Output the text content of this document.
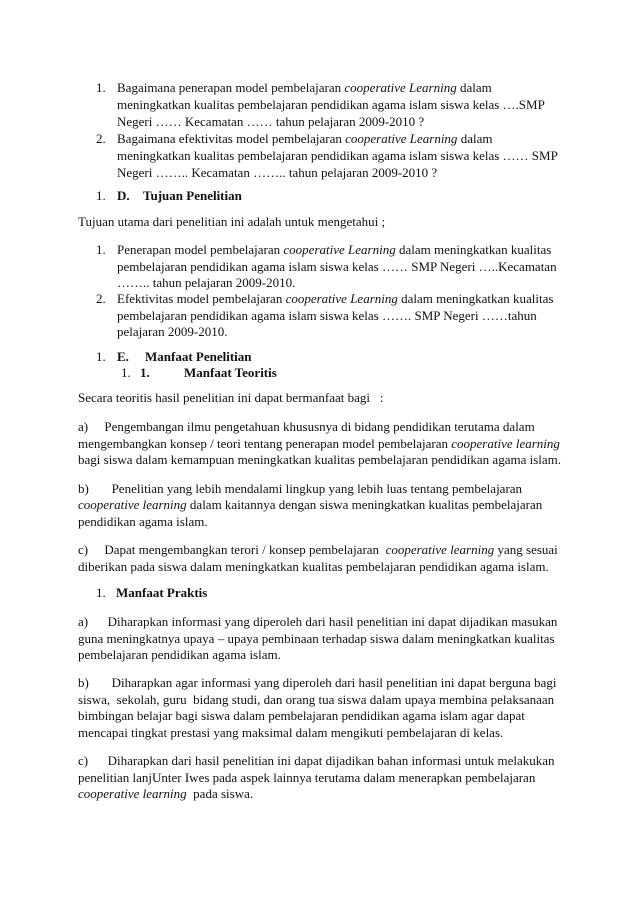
1. Bagaimana penerapan model pembelajaran cooperative Learning dalam
meningkatkan kualitas pembelajaran pendidikan agama islam siswa kelas ….SMP
Negeri …… Kecamatan …… tahun pelajaran 2009-2010 ?
2. Bagaimana efektivitas model pembelajaran cooperative Learning dalam
meningkatkan kualitas pembelajaran pendidikan agama islam siswa kelas …… SMP
Negeri …….. Kecamatan …….. tahun pelajaran 2009-2010 ?
1. D. Tujuan Penelitian
Tujuan utama dari penelitian ini adalah untuk mengetahui ;
1. Penerapan model pembelajaran cooperative Learning dalam meningkatkan kualitas
pembelajaran pendidikan agama islam siswa kelas …… SMP Negeri …..Kecamatan
…….. tahun pelajaran 2009-2010.
2. Efektivitas model pembelajaran cooperative Learning dalam meningkatkan kualitas
pembelajaran pendidikan agama islam siswa kelas ……. SMP Negeri ……tahun
pelajaran 2009-2010.
1. E. Manfaat Penelitian
1. 1.	Manfaat Teoritis
Secara teoritis hasil penelitian ini dapat bermanfaat bagi   :
a)     Pengembangan ilmu pengetahuan khususnya di bidang pendidikan terutama dalam
mengembangkan konsep / teori tentang penerapan model pembelajaran cooperative learning
bagi siswa dalam kemampuan meningkatkan kualitas pembelajaran pendidikan agama islam.
b)       Penelitian yang lebih mendalami lingkup yang lebih luas tentang pembelajaran
cooperative learning dalam kaitannya dengan siswa meningkatkan kualitas pembelajaran
pendidikan agama islam.
c)     Dapat mengembangkan terori / konsep pembelajaran  cooperative learning yang sesuai
diberikan pada siswa dalam meningkatkan kualitas pembelajaran pendidikan agama islam.
1. Manfaat Praktis
a)      Diharapkan informasi yang diperoleh dari hasil penelitian ini dapat dijadikan masukan
guna meningkatnya upaya – upaya pembinaan terhadap siswa dalam meningkatkan kualitas
pembelajaran pendidikan agama islam.
b)       Diharapkan agar informasi yang diperoleh dari hasil penelitian ini dapat berguna bagi
siswa,  sekolah, guru  bidang studi, dan orang tua siswa dalam upaya membina pelaksanaan
bimbingan belajar bagi siswa dalam pembelajaran pendidikan agama islam agar dapat
mencapai tingkat prestasi yang maksimal dalam mengikuti pembelajaran di kelas.
c)      Diharapkan dari hasil penelitian ini dapat dijadikan bahan informasi untuk melakukan
penelitian lanjUnter Iwes pada aspek lainnya terutama dalam menerapkan pembelajaran
cooperative learning  pada siswa.
